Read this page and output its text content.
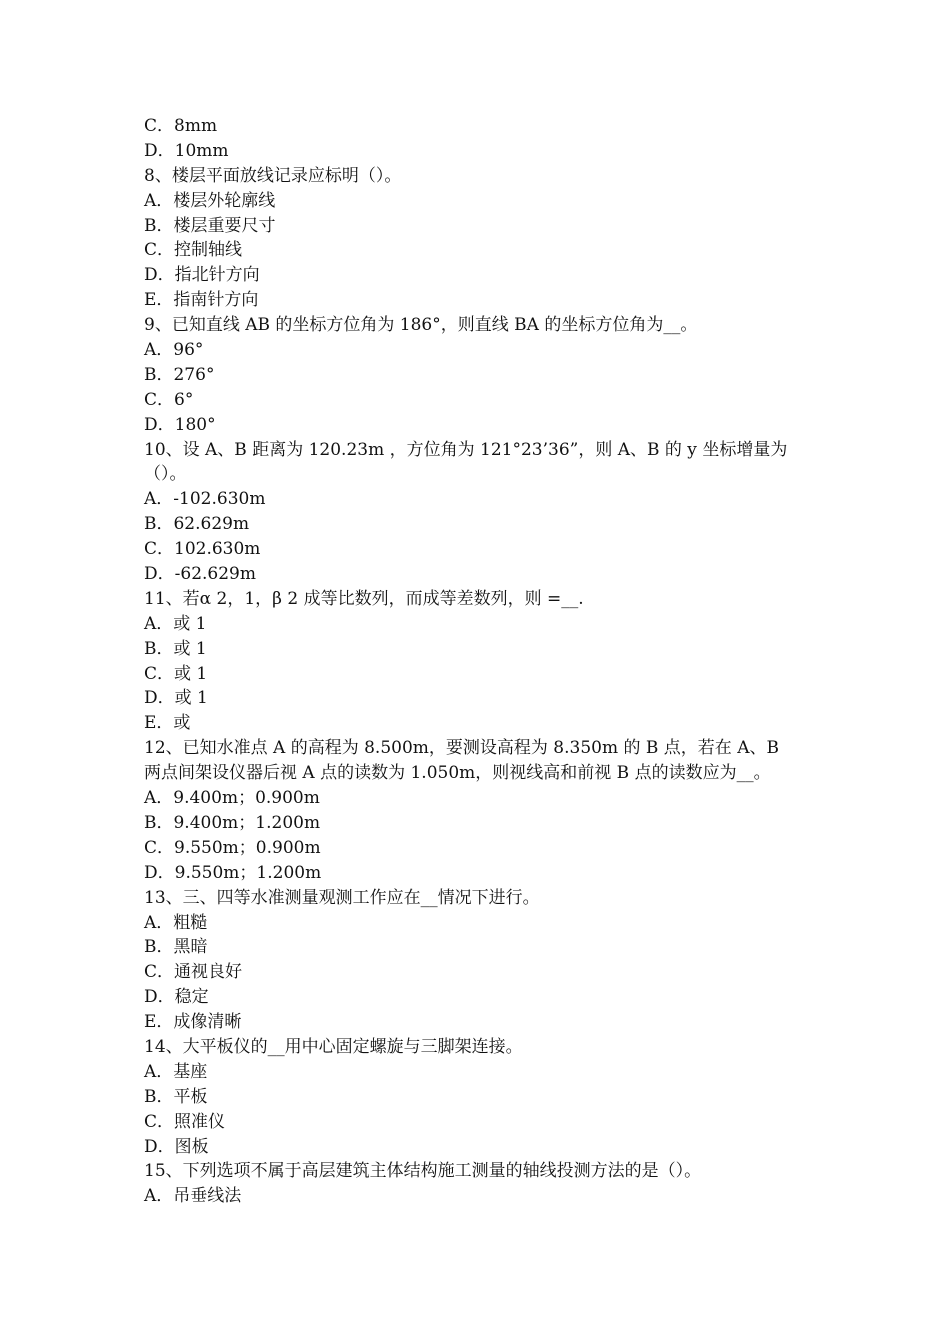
C．8mm
D．10mm
8、楼层平面放线记录应标明（）。
A．楼层外轮廓线
B．楼层重要尺寸
C．控制轴线
D．指北针方向
E．指南针方向
9、已知直线 AB 的坐标方位角为 186°，则直线 BA 的坐标方位角为__。
A．96°
B．276°
C．6°
D．180°
10、设 A、B 距离为 120.23m ，方位角为 121°23’36”，则 A、B 的 y 坐标增量为
（）。
A．-102.630m
B．62.629m
C．102.630m
D．-62.629m
11、若α 2，1，β 2 成等比数列，而成等差数列，则 =__.
A．或 1
B．或 1
C．或 1
D．或 1
E．或
12、已知水准点 A 的高程为 8.500m，要测设高程为 8.350m 的 B 点，若在 A、B
两点间架设仪器后视 A 点的读数为 1.050m，则视线高和前视 B 点的读数应为__。
A．9.400m；0.900m
B．9.400m；1.200m
C．9.550m；0.900m
D．9.550m；1.200m
13、三、四等水准测量观测工作应在__情况下进行。
A．粗糙
B．黑暗
C．通视良好
D．稳定
E．成像清晰
14、大平板仪的__用中心固定螺旋与三脚架连接。
A．基座
B．平板
C．照准仪
D．图板
15、下列选项不属于高层建筑主体结构施工测量的轴线投测方法的是（）。
A．吊垂线法
